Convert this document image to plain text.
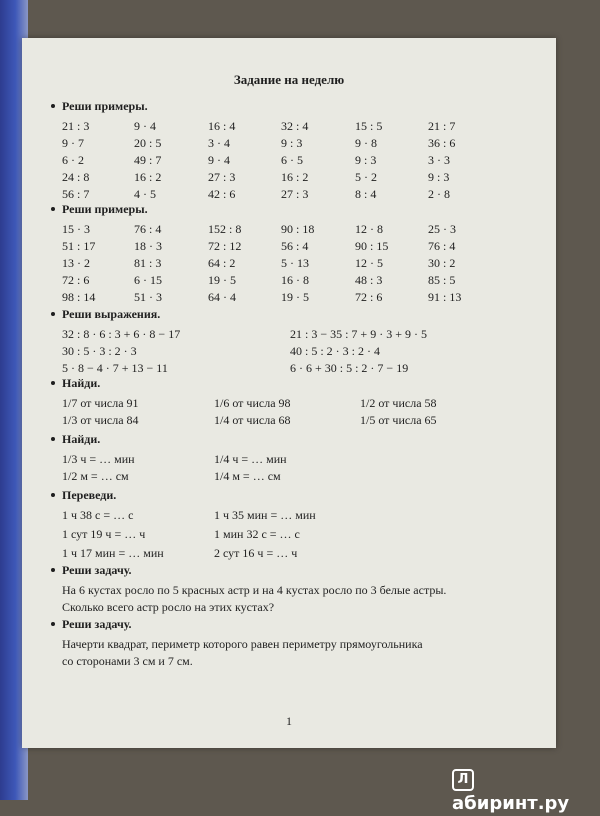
Задание на неделю
Реши примеры.
21 : 3	9 · 4	16 : 4	32 : 4	15 : 5	21 : 7
9 · 7	20 : 5	3 · 4	9 : 3	9 · 8	36 : 6
6 · 2	49 : 7	9 · 4	6 · 5	9 : 3	3 · 3
24 : 8	16 : 2	27 : 3	16 : 2	5 · 2	9 : 3
56 : 7	4 · 5	42 : 6	27 : 3	8 : 4	2 · 8
Реши примеры.
15 · 3	76 : 4	152 : 8	90 : 18	12 · 8	25 · 3
51 : 17	18 · 3	72 : 12	56 : 4	90 : 15	76 : 4
13 · 2	81 : 3	64 : 2	5 · 13	12 · 5	30 : 2
72 : 6	6 · 15	19 · 5	16 · 8	48 : 3	85 : 5
98 : 14	51 · 3	64 · 4	19 · 5	72 : 6	91 : 13
Реши выражения.
32 : 8 · 6 : 3 + 6 · 8 − 17	21 : 3 − 35 : 7 + 9 · 3 + 9 · 5
30 : 5 · 3 : 2 · 3	40 : 5 : 2 · 3 : 2 · 4
5 · 8 − 4 · 7 + 13 − 11	6 · 6 + 30 : 5 : 2 · 7 − 19
Найди.
1/7 от числа 91	1/6 от числа 98	1/2 от числа 58
1/3 от числа 84	1/4 от числа 68	1/5 от числа 65
Найди.
1/3 ч = … мин	1/4 ч = … мин
1/2 м = … см	1/4 м = … см
Переведи.
1 ч 38 с = … с	1 ч 35 мин = … мин
1 сут 19 ч = … ч	1 мин 32 с = … с
1 ч 17 мин = … мин	2 сут 16 ч = … ч
Реши задачу.
На 6 кустах росло по 5 красных астр и на 4 кустах росло по 3 белые астры.
Сколько всего астр росло на этих кустах?
Реши задачу.
Начерти квадрат, периметр которого равен периметру прямоугольника
со сторонами 3 см и 7 см.
1
Лабиринт.ру
